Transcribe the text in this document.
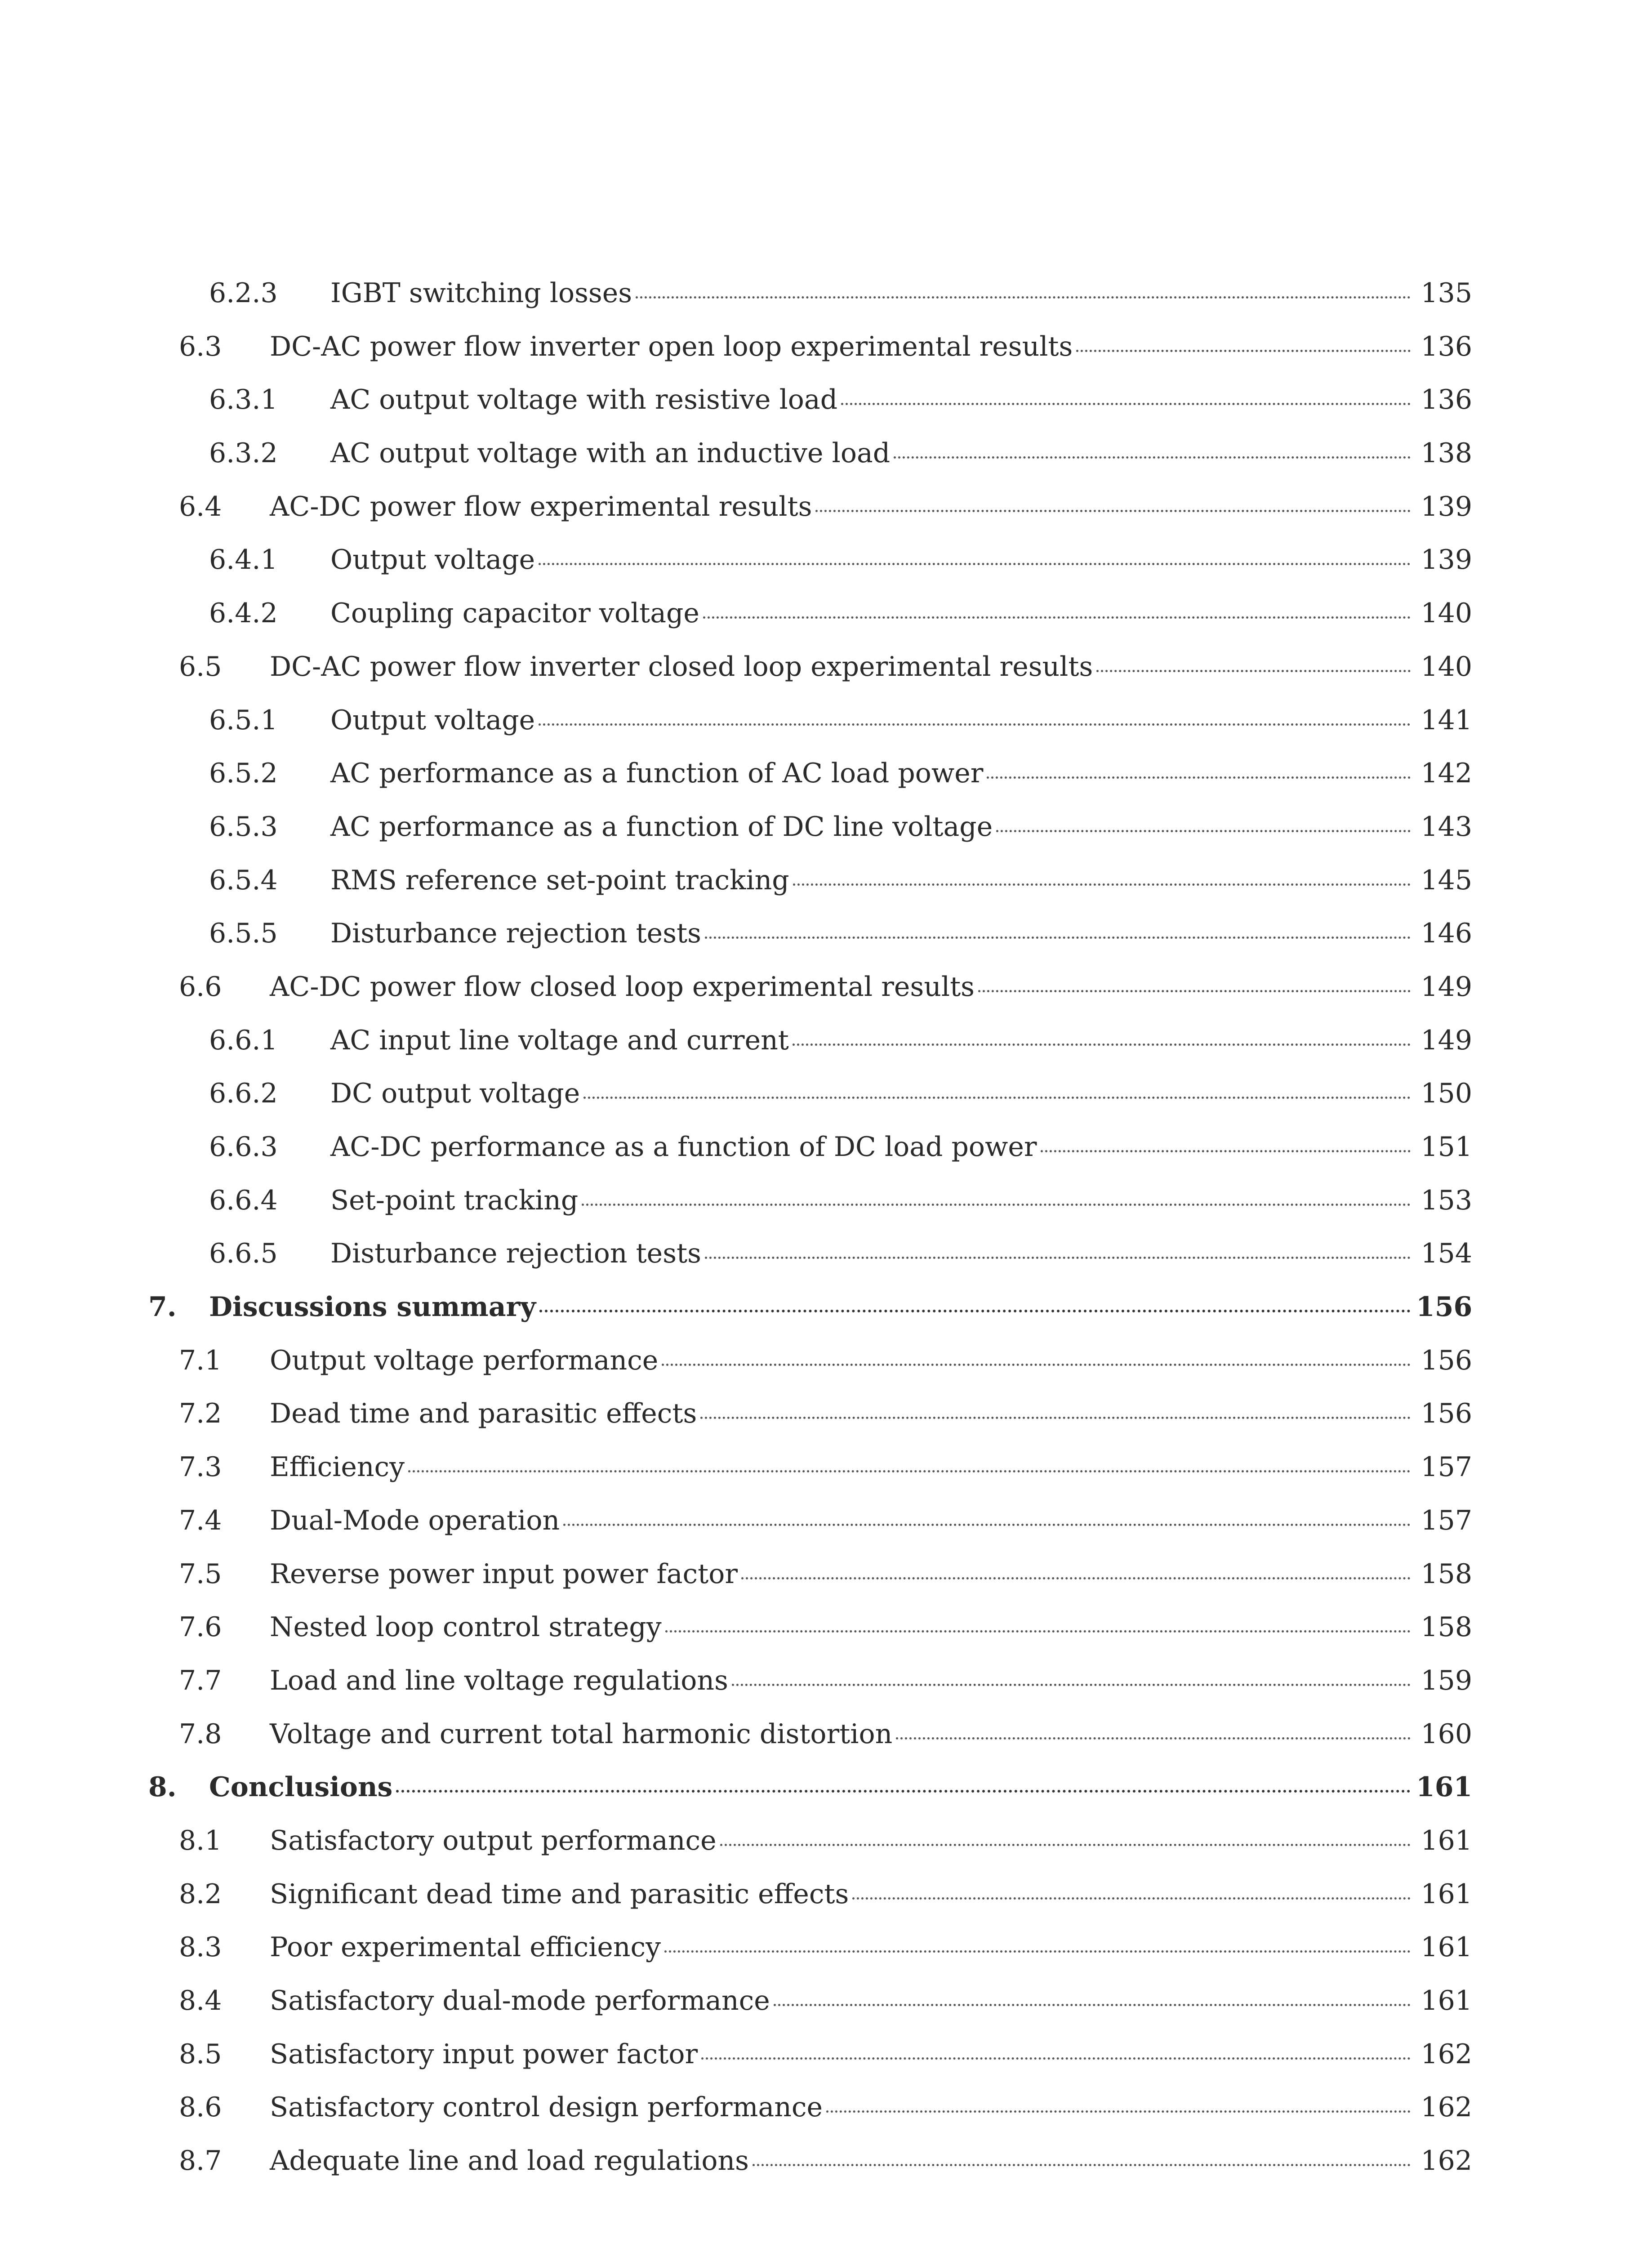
6.2.3 IGBT switching losses	135
6.3 DC-AC power flow inverter open loop experimental results	136
6.3.1 AC output voltage with resistive load	136
6.3.2 AC output voltage with an inductive load	138
6.4 AC-DC power flow experimental results	139
6.4.1 Output voltage	139
6.4.2 Coupling capacitor voltage	140
6.5 DC-AC power flow inverter closed loop experimental results	140
6.5.1 Output voltage	141
6.5.2 AC performance as a function of AC load power	142
6.5.3 AC performance as a function of DC line voltage	143
6.5.4 RMS reference set-point tracking	145
6.5.5 Disturbance rejection tests	146
6.6 AC-DC power flow closed loop experimental results	149
6.6.1 AC input line voltage and current	149
6.6.2 DC output voltage	150
6.6.3 AC-DC performance as a function of DC load power	151
6.6.4 Set-point tracking	153
6.6.5 Disturbance rejection tests	154
7. Discussions summary	156
7.1 Output voltage performance	156
7.2 Dead time and parasitic effects	156
7.3 Efficiency	157
7.4 Dual-Mode operation	157
7.5 Reverse power input power factor	158
7.6 Nested loop control strategy	158
7.7 Load and line voltage regulations	159
7.8 Voltage and current total harmonic distortion	160
8. Conclusions	161
8.1 Satisfactory output performance	161
8.2 Significant dead time and parasitic effects	161
8.3 Poor experimental efficiency	161
8.4 Satisfactory dual-mode performance	161
8.5 Satisfactory input power factor	162
8.6 Satisfactory control design performance	162
8.7 Adequate line and load regulations	162
